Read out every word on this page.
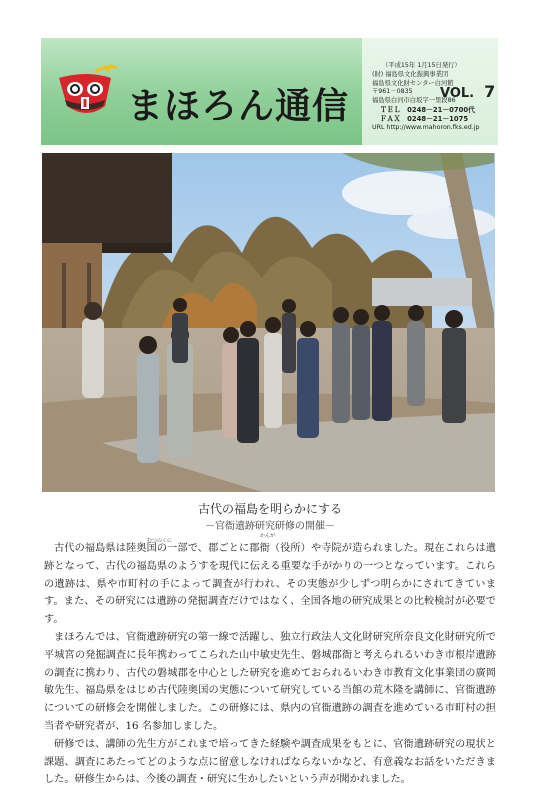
まほろん通信	VOL. 7
（平成15年 1月15日発行）
(財) 福島県文化振興事業団
福島県文化財センター白河館
〒961－0835
福島県白河市白坂字一里段86
ＴＥＬ　0248－21－0700代
ＦＡＸ　0248－21－1075
URL http://www.mahoron.fks.ed.jp
古代の福島を明らかにする
－官衙遺跡研究研修の開催－
かんが
むつのくに

古代の福島県は陸奥国の一部で、郡ごとに郡衙（役所）や寺院が造られました。現在これらは遺跡となって、古代の福島県のようすを現代に伝える重要な手がかりの一つとなっています。これらの遺跡は、県や市町村の手によって調査が行われ、その実態が少しずつ明らかにされてきています。また、その研究には遺跡の発掘調査だけではなく、全国各地の研究成果との比較検討が必要です。

まほろんでは、官衙遺跡研究の第一線で活躍し、独立行政法人文化財研究所奈良文化財研究所で平城宮の発掘調査に長年携わってこられた山中敏史先生、磐城郡衙と考えられるいわき市根岸遺跡の調査に携わり、古代の磐城郡を中心とした研究を進めておられるいわき市教育文化事業団の廣岡敏先生、福島県をはじめ古代陸奥国の実態について研究している当館の荒木隆を講師に、官衙遺跡についての研修会を開催しました。この研修には、県内の官衙遺跡の調査を進めている市町村の担当者や研究者が、16 名参加しました。

研修では、講師の先生方がこれまで培ってきた経験や調査成果をもとに、官衙遺跡研究の現状と課題、調査にあたってどのような点に留意しなければならないかなど、有意義なお話をいただきました。研修生からは、今後の調査・研究に生かしたいという声が聞かれました。
